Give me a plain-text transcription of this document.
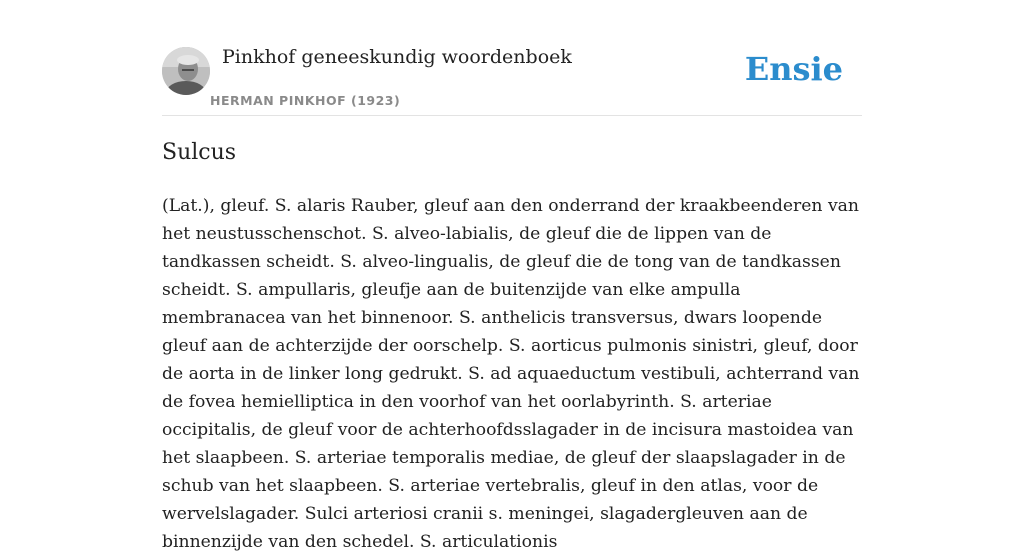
Pinkhof geneeskundig woordenboek
HERMAN PINKHOF (1923)
Ensie
Sulcus

(Lat.), gleuf. S. alaris Rauber, gleuf aan den onderrand der kraakbeenderen van het neustusschenschot. S. alveo-labialis, de gleuf die de lippen van de tandkassen scheidt. S. alveo-lingualis, de gleuf die de tong van de tandkassen scheidt. S. ampullaris, gleufje aan de buitenzijde van elke ampulla membranacea van het binnenoor. S. anthelicis transversus, dwars loopende gleuf aan de achterzijde der oorschelp. S. aorticus pulmonis sinistri, gleuf, door de aorta in de linker long gedrukt. S. ad aquaeductum vestibuli, achterrand van de fovea hemielliptica in den voorhof van het oorlabyrinth. S. arteriae occipitalis, de gleuf voor de achterhoofdsslagader in de incisura mastoidea van het slaapbeen. S. arteriae temporalis mediae, de gleuf der slaapslagader in de schub van het slaapbeen. S. arteriae vertebralis, gleuf in den atlas, voor de wervelslagader. Sulci arteriosi cranii s. meningei, slagadergleuven aan de binnenzijde van den schedel. S. articulationis
